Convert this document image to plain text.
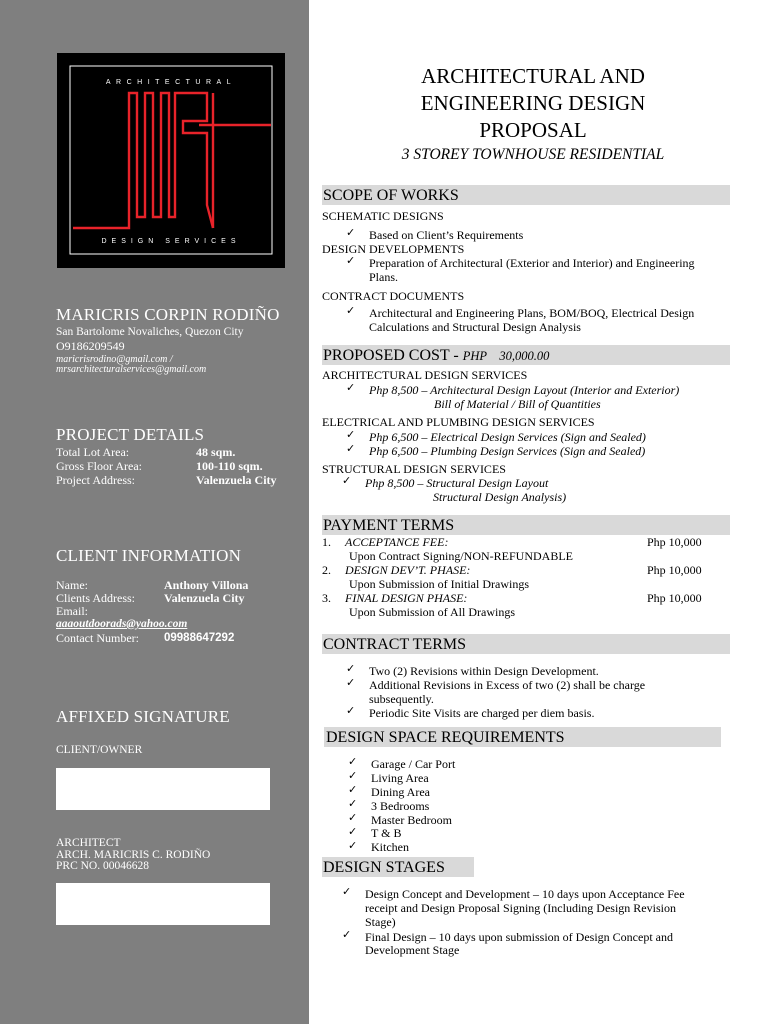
ARCHITECTURAL
DESIGN SERVICES
MARICRIS CORPIN RODIÑO
San Bartolome Novaliches, Quezon City
O9186209549
maricrisrodino@gmail.com /
mrsarchitecturalservices@gmail.com
PROJECT DETAILS
Total Lot Area:	48 sqm.
Gross Floor Area:	100-110 sqm.
Project Address:	Valenzuela City
CLIENT INFORMATION
Name:	Anthony Villona
Clients Address: Valenzuela City
Email:
aaaoutdoorads@yahoo.com
Contact Number: 09988647292
AFFIXED SIGNATURE
CLIENT/OWNER
ARCHITECT
ARCH. MARICRIS C. RODIÑO
PRC NO. 00046628
ARCHITECTURAL AND
ENGINEERING DESIGN
PROPOSAL
3 STOREY TOWNHOUSE RESIDENTIAL
SCOPE OF WORKS
SCHEMATIC DESIGNS
✓ Based on Client’s Requirements
DESIGN DEVELOPMENTS
✓ Preparation of Architectural (Exterior and Interior) and Engineering
Plans.
CONTRACT DOCUMENTS
✓ Architectural and Engineering Plans, BOM/BOQ, Electrical Design
Calculations and Structural Design Analysis
PROPOSED COST - PHP    30,000.00
ARCHITECTURAL DESIGN SERVICES
✓ Php 8,500 – Architectural Design Layout (Interior and Exterior)
Bill of Material / Bill of Quantities
ELECTRICAL AND PLUMBING DESIGN SERVICES
✓ Php 6,500 – Electrical Design Services (Sign and Sealed)
✓ Php 6,500 – Plumbing Design Services (Sign and Sealed)
STRUCTURAL DESIGN SERVICES
✓ Php 8,500 – Structural Design Layout
Structural Design Analysis)
PAYMENT TERMS
1. ACCEPTANCE FEE:	Php 10,000
Upon Contract Signing/NON-REFUNDABLE
2. DESIGN DEV’T. PHASE:	Php 10,000
Upon Submission of Initial Drawings
3. FINAL DESIGN PHASE:	Php 10,000
Upon Submission of All Drawings
CONTRACT TERMS
✓ Two (2) Revisions within Design Development.
✓ Additional Revisions in Excess of two (2) shall be charge
subsequently.
✓ Periodic Site Visits are charged per diem basis.
DESIGN SPACE REQUIREMENTS
✓ Garage / Car Port
✓ Living Area
✓ Dining Area
✓ 3 Bedrooms
✓ Master Bedroom
✓ T & B
✓ Kitchen
DESIGN STAGES
✓ Design Concept and Development – 10 days upon Acceptance Fee
receipt and Design Proposal Signing (Including Design Revision
Stage)
✓ Final Design – 10 days upon submission of Design Concept and
Development Stage
